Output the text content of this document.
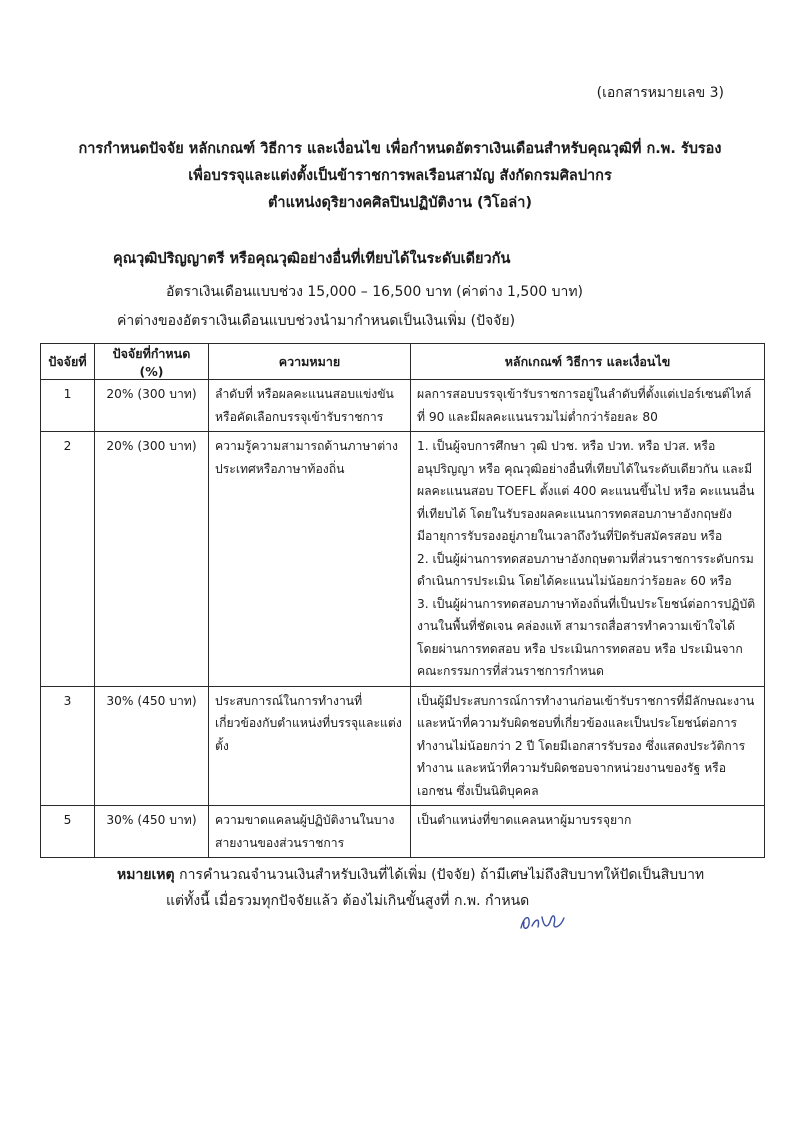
(เอกสารหมายเลข 3)
การกำหนดปัจจัย หลักเกณฑ์ วิธีการ และเงื่อนไข เพื่อกำหนดอัตราเงินเดือนสำหรับคุณวุฒิที่ ก.พ. รับรอง
เพื่อบรรจุและแต่งตั้งเป็นข้าราชการพลเรือนสามัญ สังกัดกรมศิลปากร
ตำแหน่งดุริยางคศิลปินปฏิบัติงาน (วิโอล่า)
คุณวุฒิปริญญาตรี หรือคุณวุฒิอย่างอื่นที่เทียบได้ในระดับเดียวกัน
อัตราเงินเดือนแบบช่วง 15,000 – 16,500 บาท (ค่าต่าง 1,500 บาท)
ค่าต่างของอัตราเงินเดือนแบบช่วงนำมากำหนดเป็นเงินเพิ่ม (ปัจจัย)
ปัจจัยที่	ปัจจัยที่กำหนด (%)	ความหมาย	หลักเกณฑ์ วิธีการ และเงื่อนไข
1	20% (300 บาท)	ลำดับที่ หรือผลคะแนนสอบแข่งขัน หรือคัดเลือกบรรจุเข้ารับราชการ	ผลการสอบบรรจุเข้ารับราชการอยู่ในลำดับที่ตั้งแต่เปอร์เซนต์ไทล์ที่ 90 และมีผลคะแนนรวมไม่ต่ำกว่าร้อยละ 80

2	20% (300 บาท)	ความรู้ความสามารถด้านภาษาต่างประเทศหรือภาษาท้องถิ่น	1. เป็นผู้จบการศึกษา วุฒิ ปวช. หรือ ปวท. หรือ ปวส. หรือ อนุปริญญา หรือ คุณวุฒิอย่างอื่นที่เทียบได้ในระดับเดียวกัน และมีผลคะแนนสอบ TOEFL ตั้งแต่ 400 คะแนนขึ้นไป หรือ คะแนนอื่นที่เทียบได้ โดยในรับรองผลคะแนนการทดสอบภาษาอังกฤษยังมีอายุการรับรองอยู่ภายในเวลาถึงวันที่ปิดรับสมัครสอบ หรือ
2. เป็นผู้ผ่านการทดสอบภาษาอังกฤษตามที่ส่วนราชการระดับกรมดำเนินการประเมิน โดยได้คะแนนไม่น้อยกว่าร้อยละ 60 หรือ
3. เป็นผู้ผ่านการทดสอบภาษาท้องถิ่นที่เป็นประโยชน์ต่อการปฏิบัติงานในพื้นที่ชัดเจน คล่องแท้ สามารถสื่อสารทำความเข้าใจได้ โดยผ่านการทดสอบ หรือ ประเมินการทดสอบ หรือ ประเมินจากคณะกรรมการที่ส่วนราชการกำหนด

3	30% (450 บาท)	ประสบการณ์ในการทำงานที่เกี่ยวข้องกับตำแหน่งที่บรรจุและแต่งตั้ง	เป็นผู้มีประสบการณ์การทำงานก่อนเข้ารับราชการที่มีลักษณะงาน และหน้าที่ความรับผิดชอบที่เกี่ยวข้องและเป็นประโยชน์ต่อการทำงานไม่น้อยกว่า 2 ปี โดยมีเอกสารรับรอง ซึ่งแสดงประวัติการทำงาน และหน้าที่ความรับผิดชอบจากหน่วยงานของรัฐ หรือ เอกชน ซึ่งเป็นนิติบุคคล

5	30% (450 บาท)	ความขาดแคลนผู้ปฏิบัติงานในบางสายงานของส่วนราชการ	เป็นตำแหน่งที่ขาดแคลนหาผู้มาบรรจุยาก
หมายเหตุ การคำนวณจำนวนเงินสำหรับเงินที่ได้เพิ่ม (ปัจจัย) ถ้ามีเศษไม่ถึงสิบบาทให้ปัดเป็นสิบบาท
แต่ทั้งนี้ เมื่อรวมทุกปัจจัยแล้ว ต้องไม่เกินขั้นสูงที่ ก.พ. กำหนด
